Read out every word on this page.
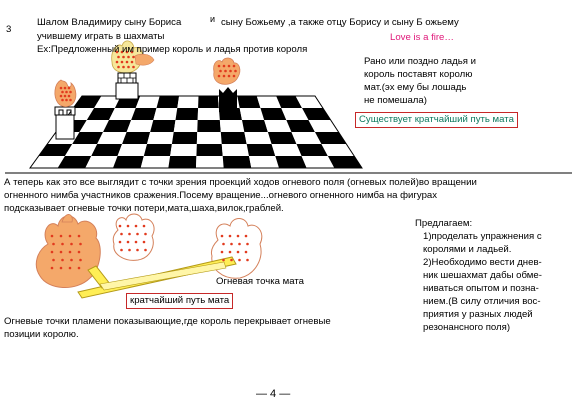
3
Шалом Владимиру сыну Бориса	и сыну Божьему ,а также отцу Борису и сыну Б ожьему
учившему играть в шахматы	Love is a fire…
Ex:Предложенный им пример король и ладья против короля
Рано или поздно ладья и
король поставят королю
мат.(эх ему бы лошадь
не помешала)
Существует кратчайший путь мата
А теперь как это все выглядит с точки зрения проекций ходов огневого поля (огневых полей)во вращении
огненного нимба участников сражения.Посему вращение...огневого огненного нимба на фигурах
подсказывает огневые точки потери,мата,шаха,вилок,граблей.
Огневая точка мата
кратчайший путь мата
Огневые точки пламени показывающие,где король перекрывает огневые
позиции королю.
Предлагаем:
1)проделать упражнения с
королями и ладьей.
2)Необходимо вести днев-
ник шешахмат дабы обме-
ниваться опытом и позна-
нием.(В силу отличия вос-
приятия у разных людей
резонансного поля)
— 4 —
